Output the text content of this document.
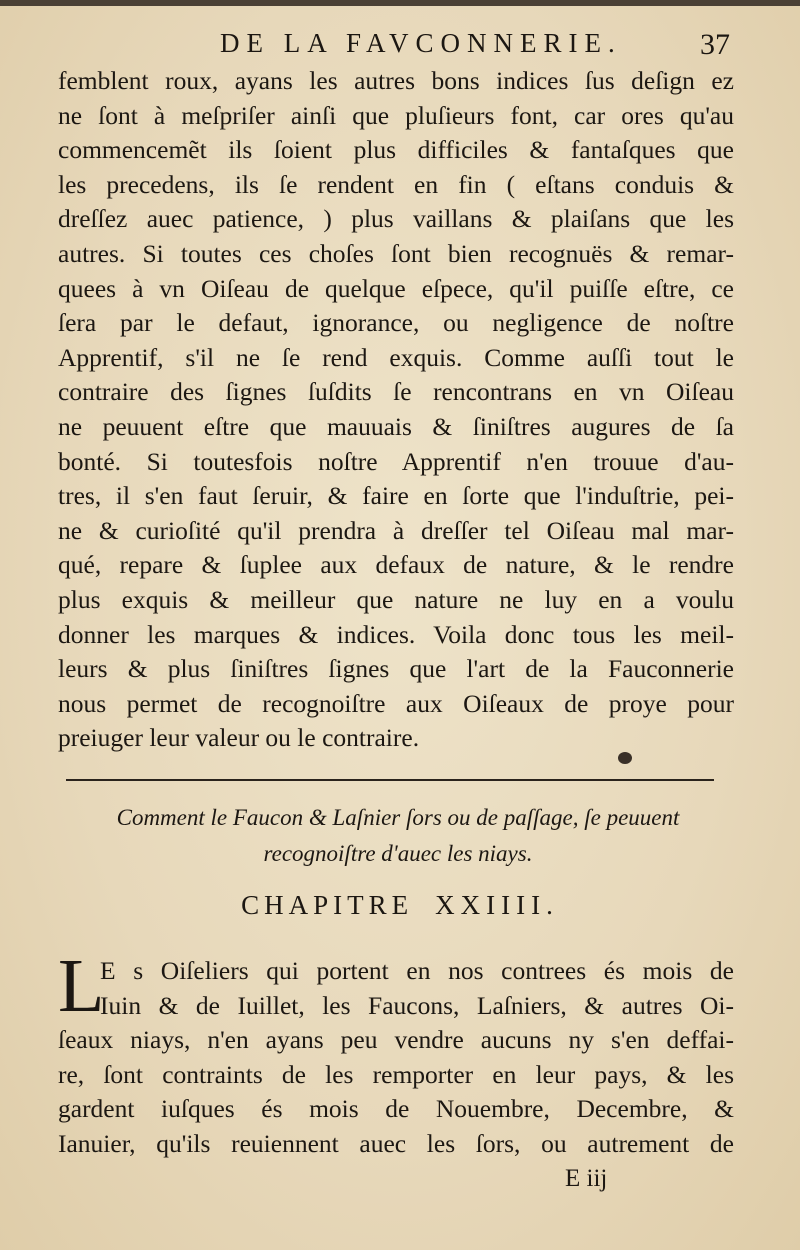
DE LA FAVCONNERIE.	37
femblent roux, ayans les autres bons indices ſus deſign ez
ne ſont à meſpriſer ainſi que pluſieurs font, car ores qu'au
commencemẽt ils ſoient plus difficiles & fantaſques que
les precedens, ils ſe rendent en fin ( eſtans conduis &
dreſſez auec patience, ) plus vaillans & plaiſans que les
autres. Si toutes ces choſes ſont bien recognuës & remar-
quees à vn Oiſeau de quelque eſpece, qu'il puiſſe eſtre, ce
ſera par le defaut, ignorance, ou negligence de noſtre
Apprentif, s'il ne ſe rend exquis. Comme auſſi tout le
contraire des ſignes ſuſdits ſe rencontrans en vn Oiſeau
ne peuuent eſtre que mauuais & ſiniſtres augures de ſa
bonté. Si toutesfois noſtre Apprentif n'en trouue d'au-
tres, il s'en faut ſeruir, & faire en ſorte que l'induſtrie, pei-
ne & curioſité qu'il prendra à dreſſer tel Oiſeau mal mar-
qué, repare & ſuplee aux defaux de nature, & le rendre
plus exquis & meilleur que nature ne luy en a voulu
donner les marques & indices. Voila donc tous les meil-
leurs & plus ſiniſtres ſignes que l'art de la Fauconnerie
nous permet de recognoiſtre aux Oiſeaux de proye pour
preiuger leur valeur ou le contraire.
Comment le Faucon & Laſnier ſors ou de paſſage, ſe peuuent
recognoiſtre d'auec les niays.
CHAPITRE XXIIII.
L
E s Oiſeliers qui portent en nos contrees és mois de
Iuin & de Iuillet, les Faucons, Laſniers, & autres Oi-
ſeaux niays, n'en ayans peu vendre aucuns ny s'en deffai-
re, ſont contraints de les remporter en leur pays, & les
gardent iuſques és mois de Nouembre, Decembre, &
Ianuier, qu'ils reuiennent auec les ſors, ou autrement de
E iij
